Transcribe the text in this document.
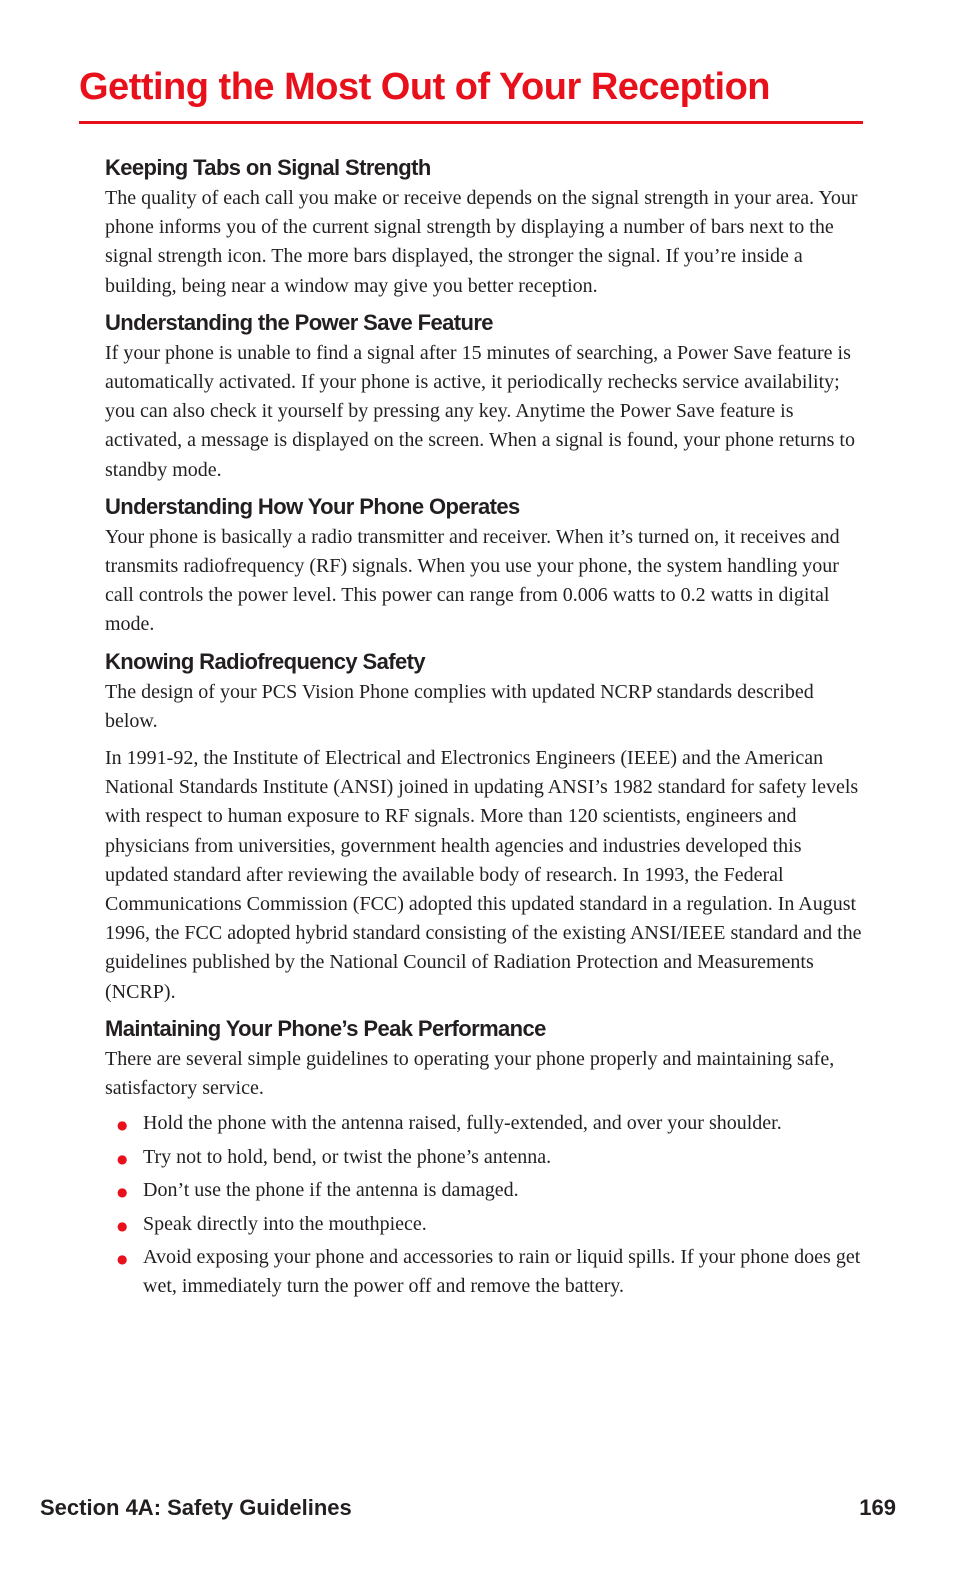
Getting the Most Out of Your Reception
Keeping Tabs on Signal Strength

The quality of each call you make or receive depends on the signal strength in your area. Your phone informs you of the current signal strength by displaying a number of bars next to the signal strength icon. The more bars displayed, the stronger the signal. If you’re inside a building, being near a window may give you better reception.

Understanding the Power Save Feature

If your phone is unable to find a signal after 15 minutes of searching, a Power Save feature is automatically activated. If your phone is active, it periodically rechecks service availability; you can also check it yourself by pressing any key. Anytime the Power Save feature is activated, a message is displayed on the screen. When a signal is found, your phone returns to standby mode.

Understanding How Your Phone Operates

Your phone is basically a radio transmitter and receiver. When it’s turned on, it receives and transmits radiofrequency (RF) signals. When you use your phone, the system handling your call controls the power level. This power can range from 0.006 watts to 0.2 watts in digital mode.

Knowing Radiofrequency Safety

The design of your PCS Vision Phone complies with updated NCRP standards described below.

In 1991-92, the Institute of Electrical and Electronics Engineers (IEEE) and the American National Standards Institute (ANSI) joined in updating ANSI’s 1982 standard for safety levels with respect to human exposure to RF signals. More than 120 scientists, engineers and physicians from universities, government health agencies and industries developed this updated standard after reviewing the available body of research. In 1993, the Federal Communications Commission (FCC) adopted this updated standard in a regulation. In August 1996, the FCC adopted hybrid standard consisting of the existing ANSI/IEEE standard and the guidelines published by the National Council of Radiation Protection and Measurements (NCRP).

Maintaining Your Phone’s Peak Performance

There are several simple guidelines to operating your phone properly and maintaining safe, satisfactory service.

● Hold the phone with the antenna raised, fully-extended, and over your shoulder.
● Try not to hold, bend, or twist the phone’s antenna.
● Don’t use the phone if the antenna is damaged.
● Speak directly into the mouthpiece.
● Avoid exposing your phone and accessories to rain or liquid spills. If your phone does get wet, immediately turn the power off and remove the battery.
Section 4A: Safety Guidelines	169
